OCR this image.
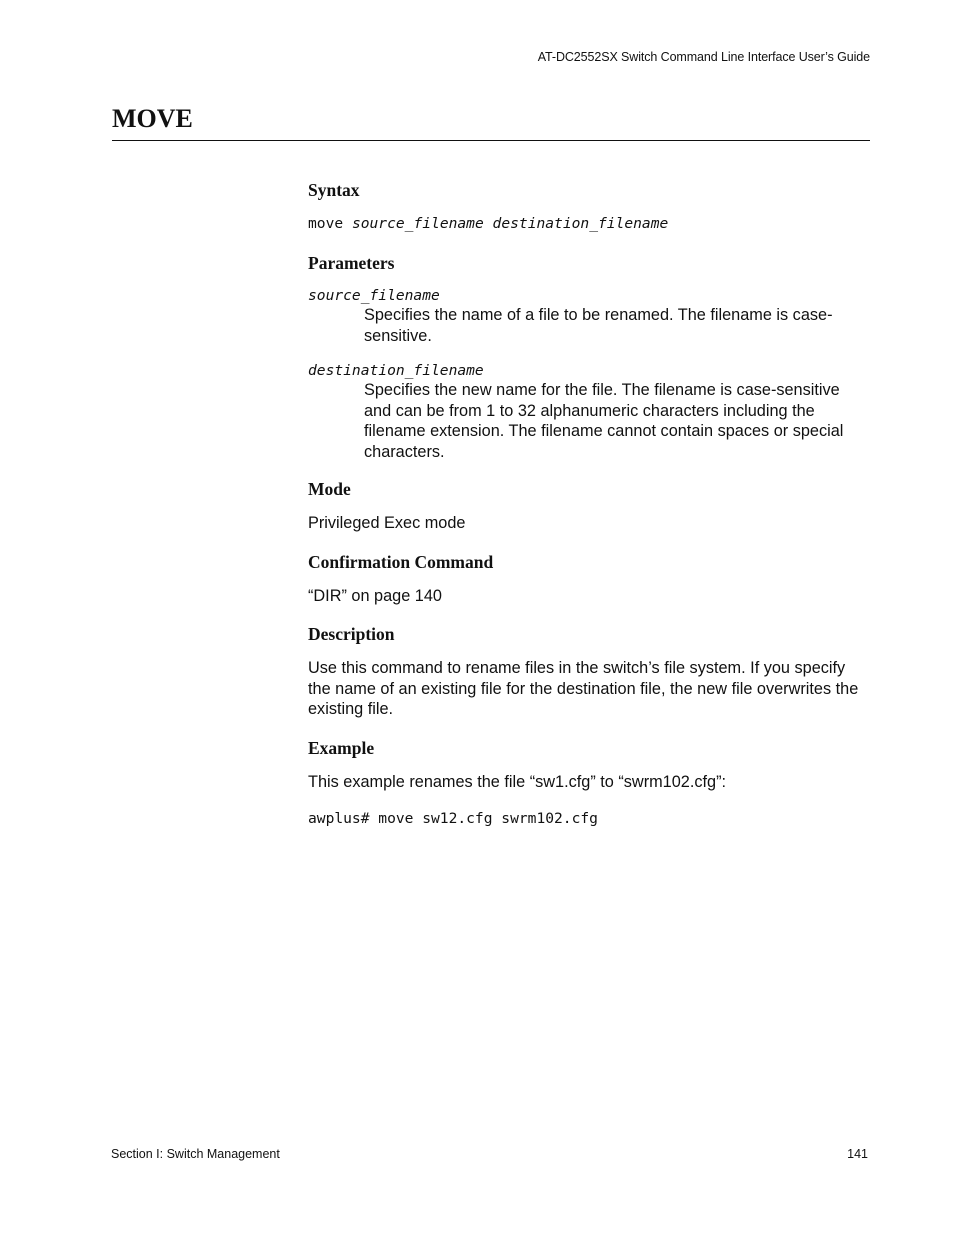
AT-DC2552SX Switch Command Line Interface User’s Guide
MOVE
Syntax
move source_filename destination_filename
Parameters
source_filename
Specifies the name of a file to be renamed. The filename is case-sensitive.
destination_filename
Specifies the new name for the file. The filename is case-sensitive and can be from 1 to 32 alphanumeric characters including the filename extension. The filename cannot contain spaces or special characters.
Mode

Privileged Exec mode

Confirmation Command

“DIR” on page 140

Description

Use this command to rename files in the switch’s file system. If you specify the name of an existing file for the destination file, the new file overwrites the existing file.

Example

This example renames the file “sw1.cfg” to “swrm102.cfg”:

awplus# move sw12.cfg swrm102.cfg
Section I: Switch Management	141
